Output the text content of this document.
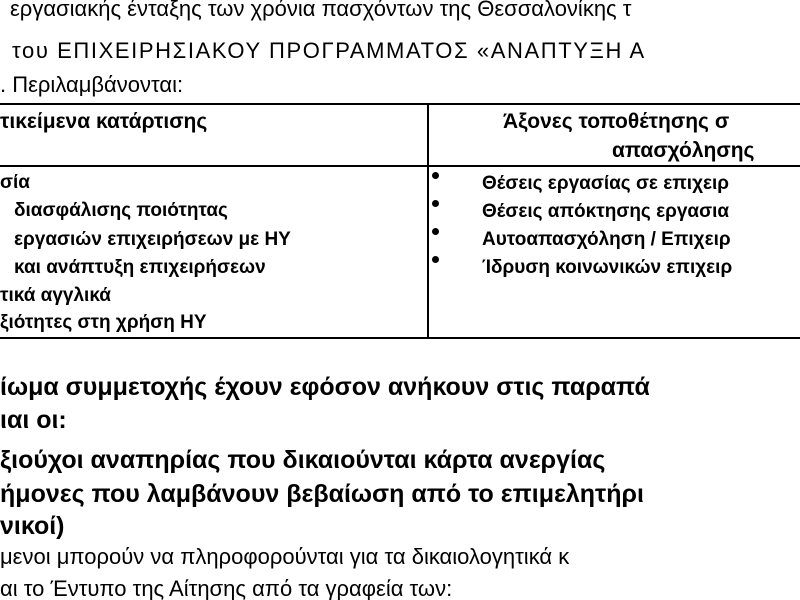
εργασιακής ένταξης των χρόνια πασχόντων της Θεσσαλονίκης τ
του ΕΠΙΧΕΙΡΗΣΙΑΚΟΥ ΠΡΟΓΡΑΜΜΑΤΟΣ «ΑΝΑΠΤΥΞΗ Α
. Περιλαμβάνονται:
τικείμενα κατάρτισης	Άξονες τοποθέτησης σ
απασχόλησης
σία
διασφάλισης ποιότητας
εργασιών επιχειρήσεων με ΗΥ
και ανάπτυξη επιχειρήσεων
τικά αγγλικά
ξιότητες στη χρήση ΗΥ
Θέσεις εργασίας σε επιχειρ
Θέσεις απόκτησης εργασια
Αυτοαπασχόληση / Επιχειρ
Ίδρυση κοινωνικών επιχειρ
ίωμα συμμετοχής έχουν εφόσον ανήκουν στις παραπά
ιαι οι:
ξιούχοι αναπηρίας που δικαιούνται κάρτα ανεργίας
ήμονες που λαμβάνουν βεβαίωση από το επιμελητήρι
νικοί)
μενοι μπορούν να πληροφορούνται για τα δικαιολογητικά κ
αι το Έντυπο της Αίτησης από τα γραφεία των:
